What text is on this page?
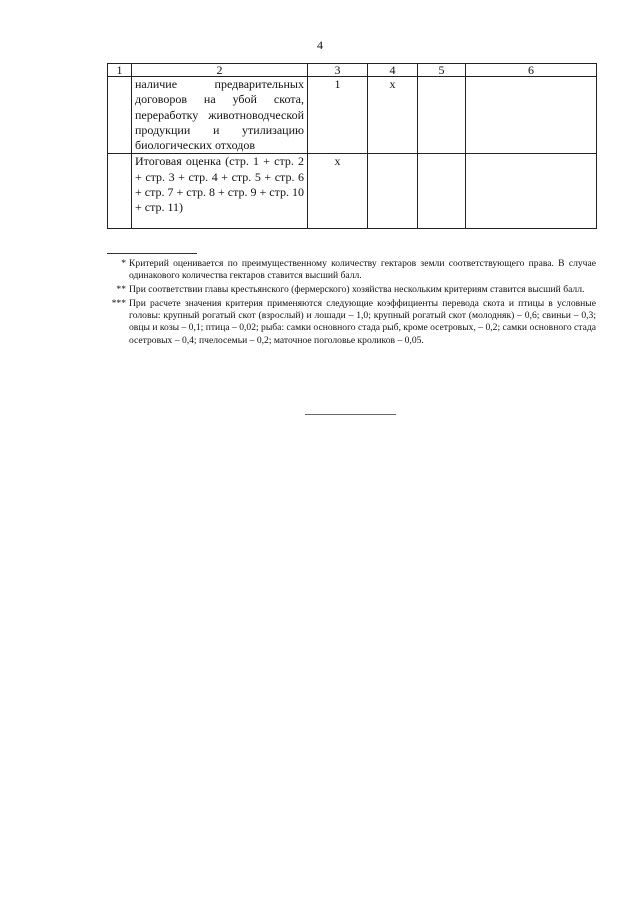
4
1	2	3	4	5	6
	наличие предварительных договоров на убой скота, переработку животноводческой продукции и утилизацию биологических отходов	1	х		
	Итоговая оценка (стр. 1 + стр. 2 + стр. 3 + стр. 4 + стр. 5 + стр. 6 + стр. 7 + стр. 8 + стр. 9 + стр. 10 + стр. 11)	х			
* Критерий оценивается по преимущественному количеству гектаров земли соответствующего права. В случае одинакового количества гектаров ставится высший балл.
** При соответствии главы крестьянского (фермерского) хозяйства нескольким критериям ставится высший балл.
*** При расчете значения критерия применяются следующие коэффициенты перевода скота и птицы в условные головы: крупный рогатый скот (взрослый) и лошади – 1,0; крупный рогатый скот (молодняк) – 0,6; свиньи – 0,3; овцы и козы – 0,1; птица – 0,02; рыба: самки основного стада рыб, кроме осетровых, – 0,2; самки основного стада осетровых – 0,4; пчелосемьи – 0,2; маточное поголовье кроликов – 0,05.
